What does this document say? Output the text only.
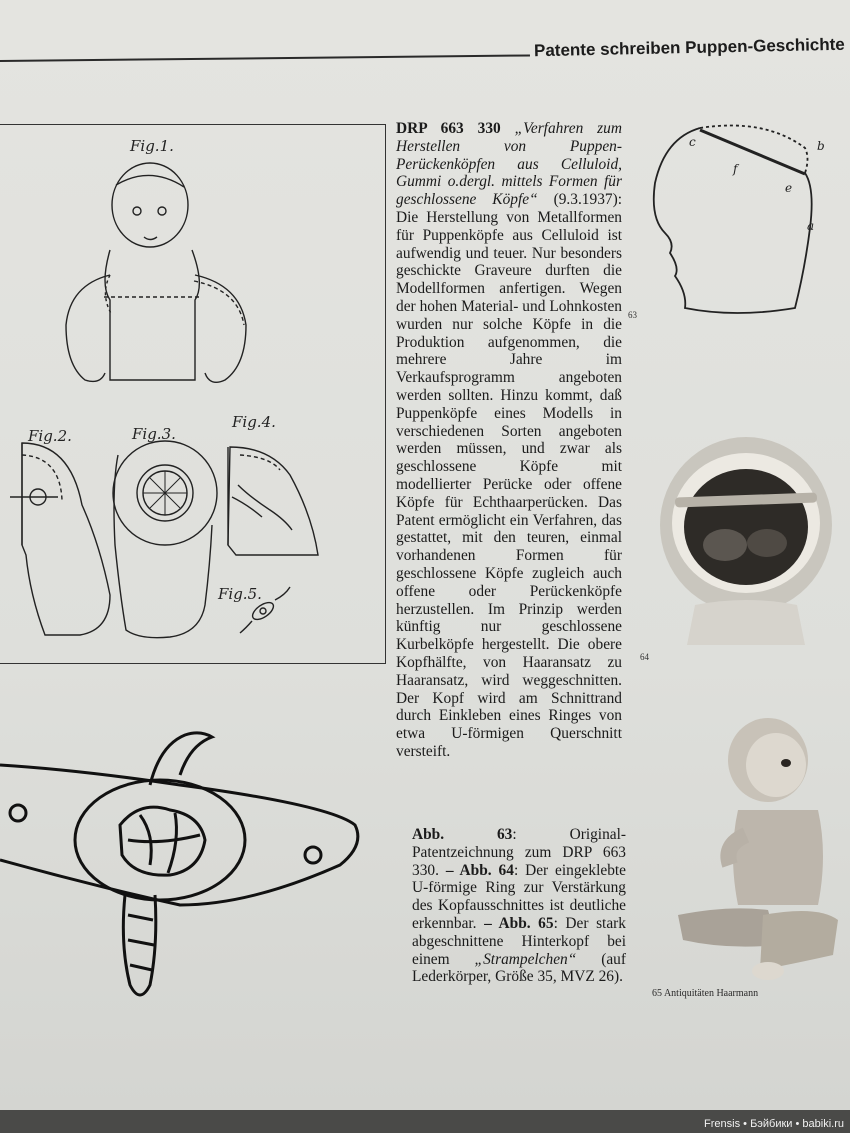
Patente schreiben Puppen-Geschichte
Fig.1.
Fig.2.	Fig.3.
Fig.4.
Fig.5.
DRP 663 330 „Verfahren zum Herstellen von Puppen-Perückenköpfen aus Celluloid, Gummi o.dergl. mittels Formen für geschlossene Köpfe“ (9.3.1937): Die Herstellung von Metallformen für Puppenköpfe aus Celluloid ist aufwendig und teuer. Nur besonders geschickte Graveure durften die Modellformen anfertigen. Wegen der hohen Material- und Lohnkosten wurden nur solche Köpfe in die Produktion aufgenommen, die mehrere Jahre im Verkaufsprogramm angeboten werden sollten. Hinzu kommt, daß Puppenköpfe eines Modells in verschiedenen Sorten angeboten werden müssen, und zwar als geschlossene Köpfe mit modellierter Perücke oder offene Köpfe für Echthaarperücken. Das Patent ermöglicht ein Verfahren, das gestattet, mit den teuren, einmal vorhandenen Formen für geschlossene Köpfe zugleich auch offene oder Perückenköpfe herzustellen. Im Prinzip werden künftig nur geschlossene Kurbelköpfe hergestellt. Die obere Kopfhälfte, von Haaransatz zu Haaransatz, wird weggeschnitten. Der Kopf wird am Schnittrand durch Einkleben eines Ringes von etwa U-förmigen Querschnitt versteift.
Abb. 63: Original-Patentzeichnung zum DRP 663 330. – Abb. 64: Der eingeklebte U-förmige Ring zur Verstärkung des Kopfausschnittes ist deutliche erkennbar. – Abb. 65: Der stark abgeschnittene Hinterkopf bei einem „Strampelchen“ (auf Lederkörper, Größe 35, MVZ 26).
c	b
f
e
a
63
64
65 Antiquitäten Haarmann
Frensis • Бэйбики • babiki.ru
